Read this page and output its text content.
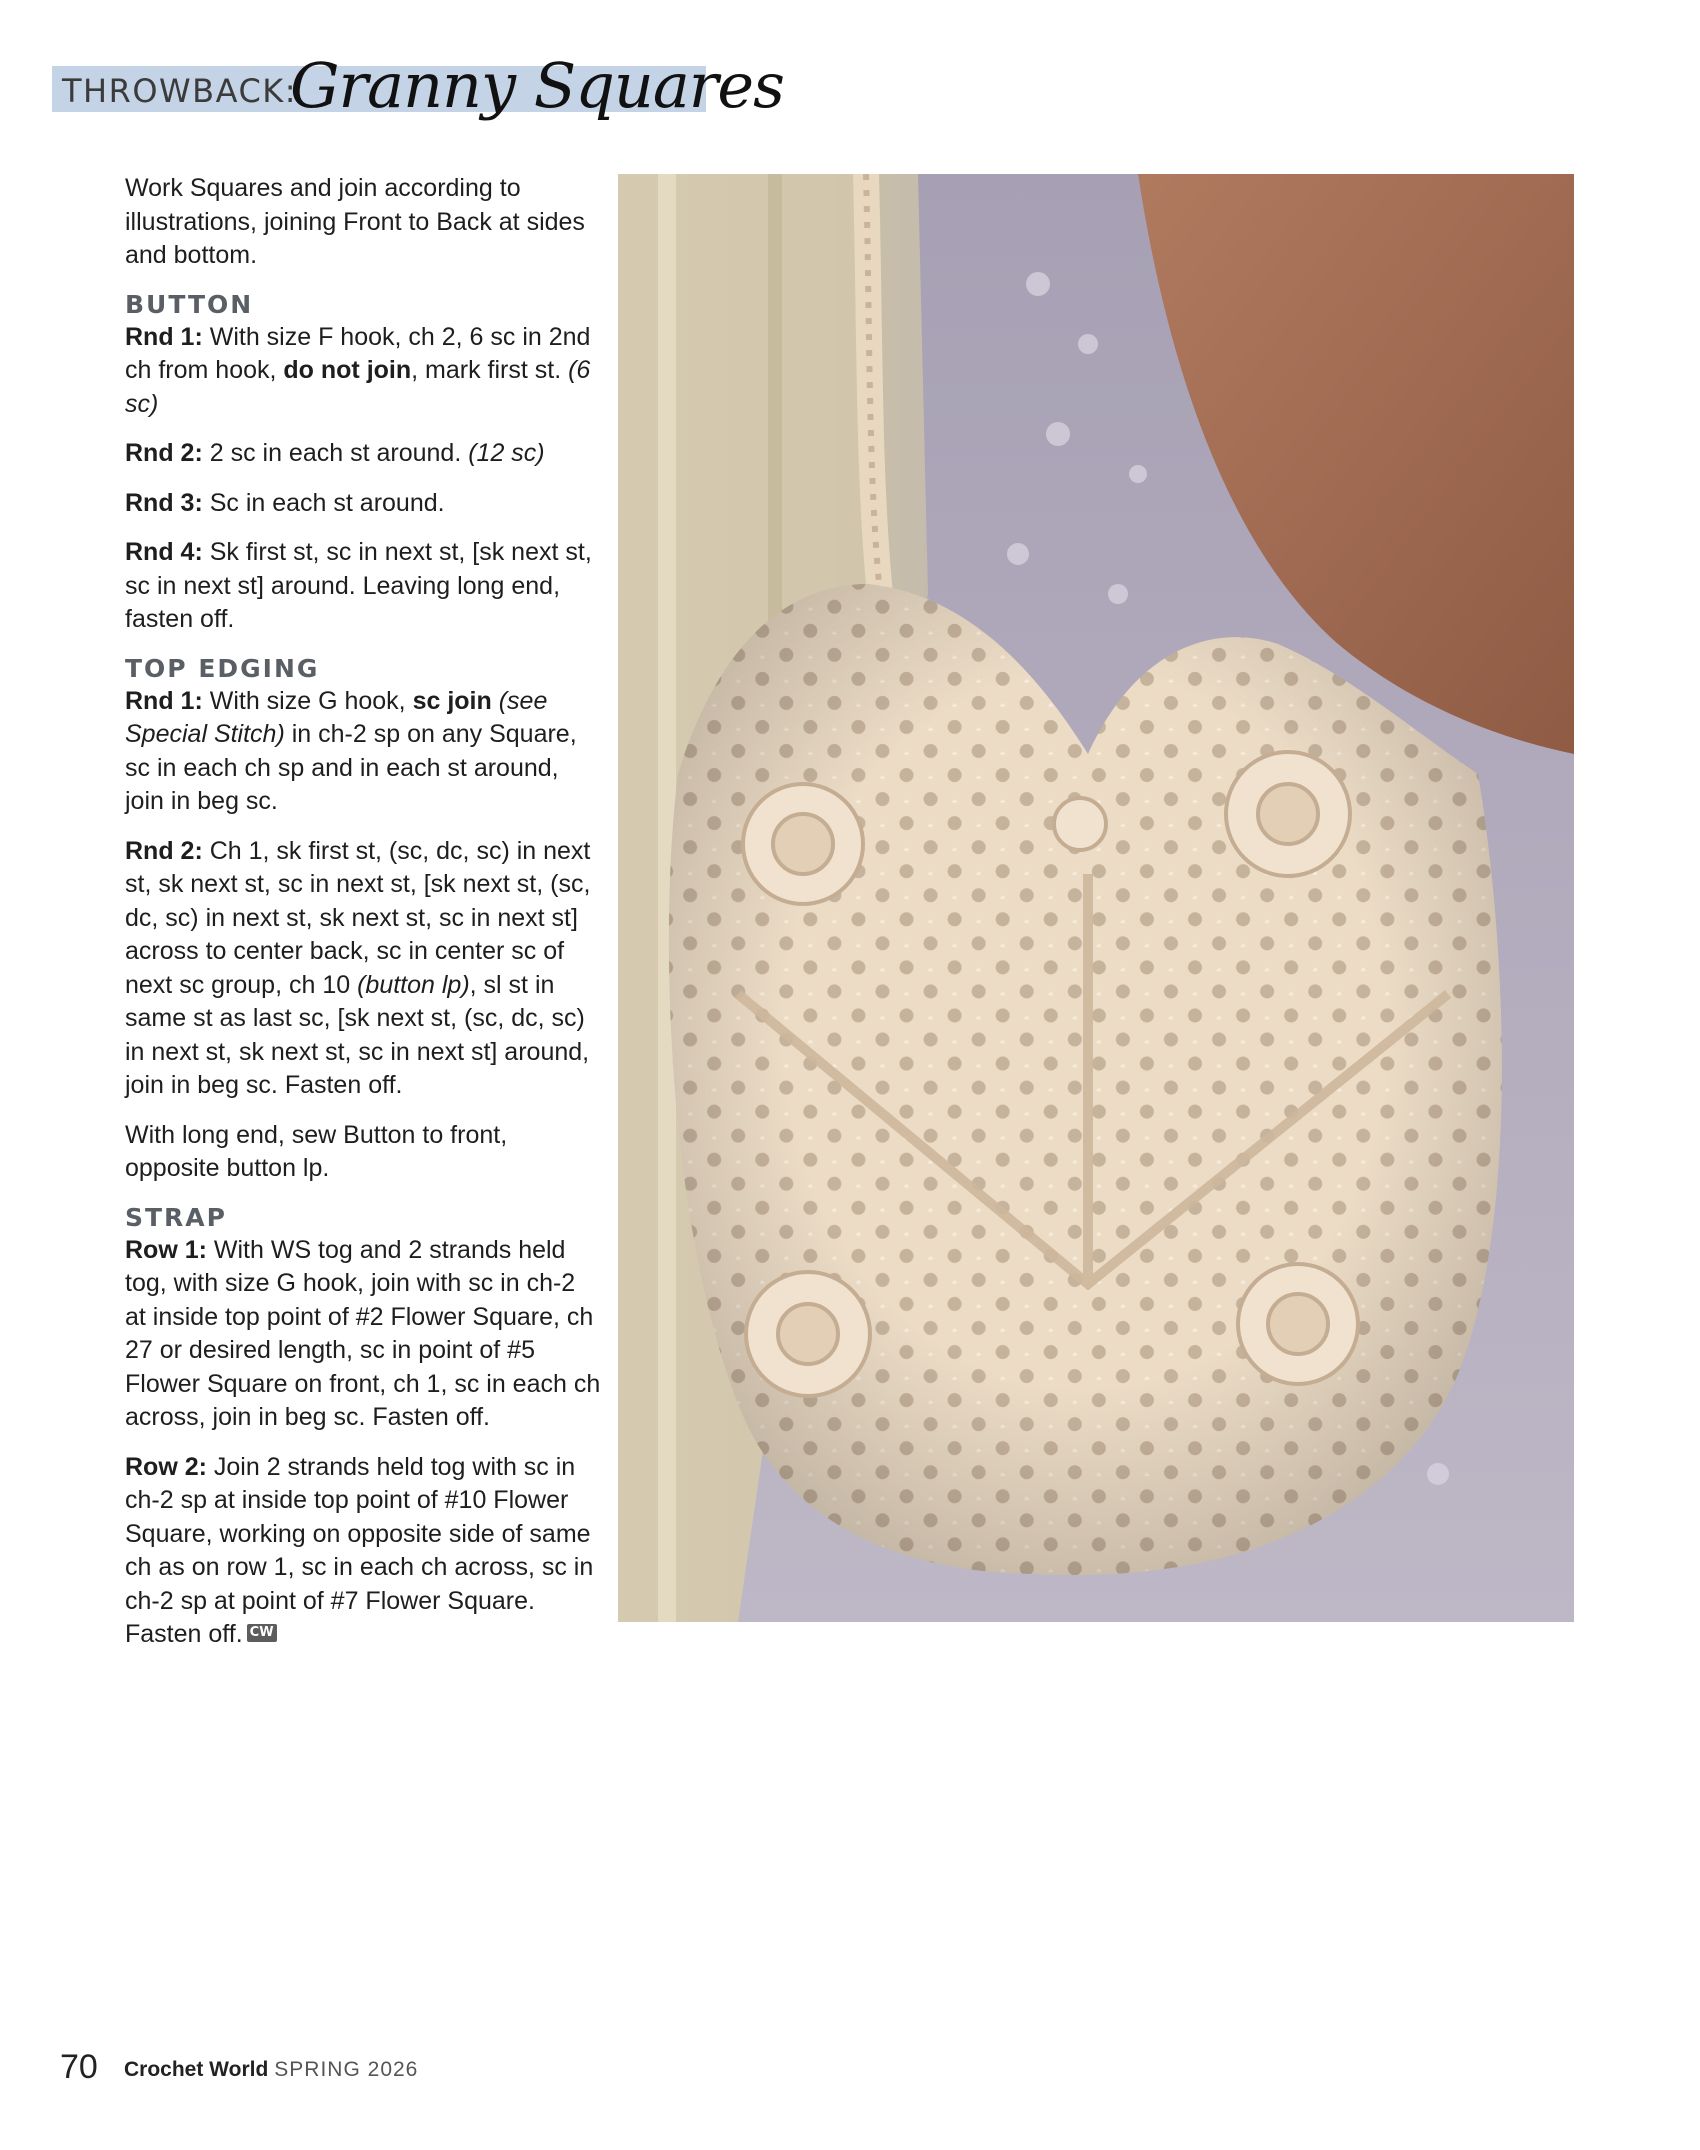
THROWBACK:
Granny Squares

Work Squares and join according to illustrations, joining Front to Back at sides and bottom.

BUTTON

Rnd 1: With size F hook, ch 2, 6 sc in 2nd ch from hook, do not join, mark first st. (6 sc)

Rnd 2: 2 sc in each st around. (12 sc)

Rnd 3: Sc in each st around.

Rnd 4: Sk first st, sc in next st, [sk next st, sc in next st] around. Leaving long end, fasten off.

TOP EDGING

Rnd 1: With size G hook, sc join (see Special Stitch) in ch-2 sp on any Square, sc in each ch sp and in each st around, join in beg sc.

Rnd 2: Ch 1, sk first st, (sc, dc, sc) in next st, sk next st, sc in next st, [sk next st, (sc, dc, sc) in next st, sk next st, sc in next st] across to center back, sc in center sc of next sc group, ch 10 (button lp), sl st in same st as last sc, [sk next st, (sc, dc, sc) in next st, sk next st, sc in next st] around, join in beg sc. Fasten off.

With long end, sew Button to front, opposite button lp.

STRAP

Row 1: With WS tog and 2 strands held tog, with size G hook, join with sc in ch-2 at inside top point of #2 Flower Square, ch 27 or desired length, sc in point of #5 Flower Square on front, ch 1, sc in each ch across, join in beg sc. Fasten off.

Row 2: Join 2 strands held tog with sc in ch-2 sp at inside top point of #10 Flower Square, working on opposite side of same ch as on row 1, sc in each ch across, sc in ch-2 sp at point of #7 Flower Square. Fasten off. CW

70 Crochet World SPRING 2026
